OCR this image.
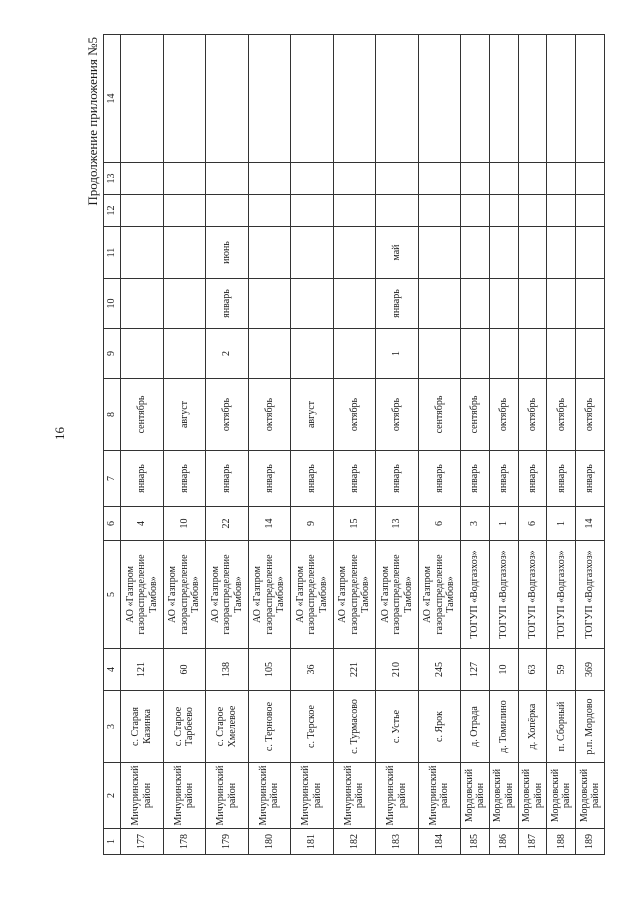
16
Продолжение приложения №5
1	2	3	4	5	6	7	8	9	10	11	12	13	14
177	Мичуринский район	с. Старая Казинка	121	АО «Газпром газораспределение Тамбов»	4	январь	сентябрь						
178	Мичуринский район	с. Старое Тарбеево	60	АО «Газпром газораспределение Тамбов»	10	январь	август						
179	Мичуринский район	с. Старое Хмелевое	138	АО «Газпром газораспределение Тамбов»	22	январь	октябрь	2	январь	июнь			
180	Мичуринский район	с. Терновое	105	АО «Газпром газораспределение Тамбов»	14	январь	октябрь						
181	Мичуринский район	с. Терское	36	АО «Газпром газораспределение Тамбов»	9	январь	август						
182	Мичуринский район	с. Турмасово	221	АО «Газпром газораспределение Тамбов»	15	январь	октябрь						
183	Мичуринский район	с. Устье	210	АО «Газпром газораспределение Тамбов»	13	январь	октябрь	1	январь	май			
184	Мичуринский район	с. Ярок	245	АО «Газпром газораспределение Тамбов»	6	январь	сентябрь						
185	Мордовский район	д. Отрада	127	ТОГУП «Водгазхоз»	3	январь	сентябрь						
186	Мордовский район	д. Томилино	10	ТОГУП «Водгазхоз»	1	январь	октябрь						
187	Мордовский район	д. Хопёрка	63	ТОГУП «Водгазхоз»	6	январь	октябрь						
188	Мордовский район	п. Сборный	59	ТОГУП «Водгазхоз»	1	январь	октябрь						
189	Мордовский район	р.п. Мордово	369	ТОГУП «Водгазхоз»	14	январь	октябрь						
